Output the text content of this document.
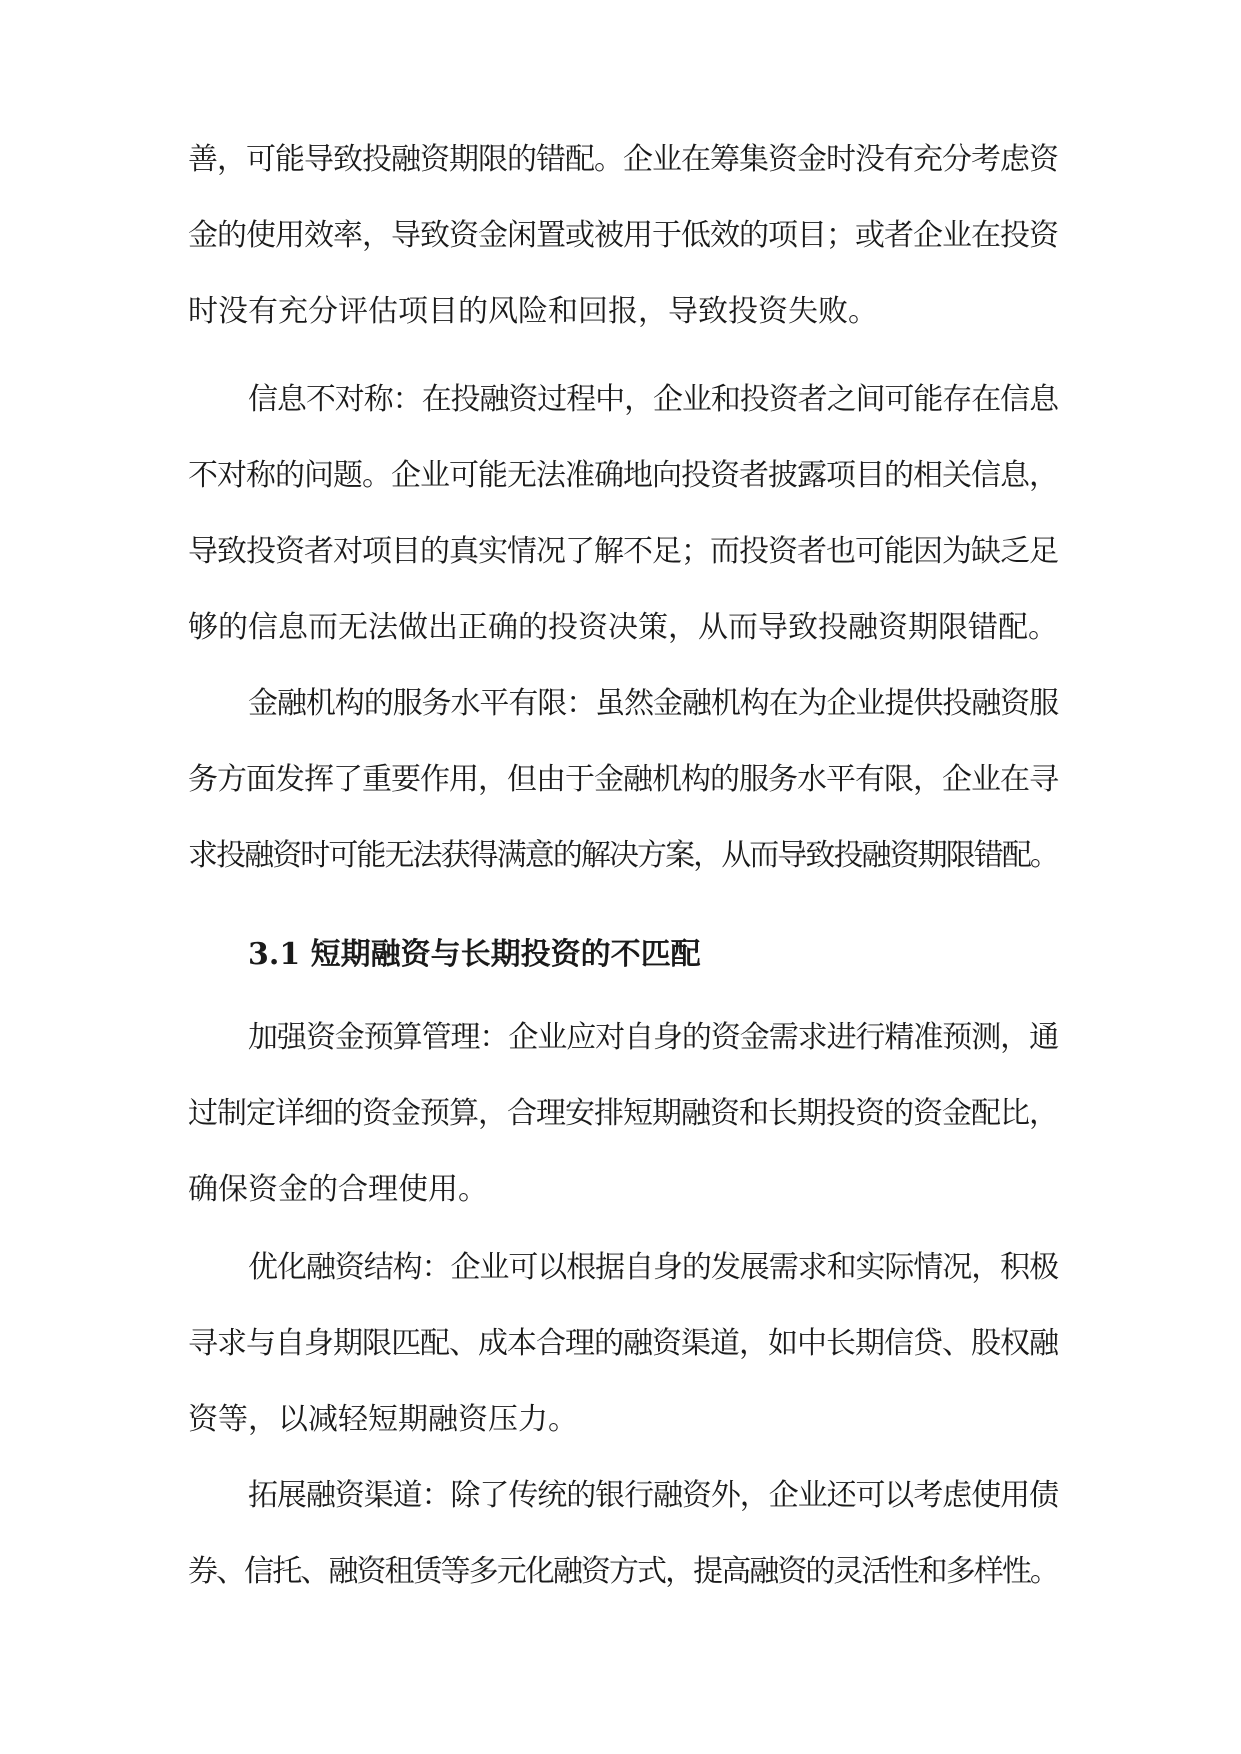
善，可能导致投融资期限的错配。企业在筹集资金时没有充分考虑资
金的使用效率，导致资金闲置或被用于低效的项目；或者企业在投资
时没有充分评估项目的风险和回报，导致投资失败。
信息不对称：在投融资过程中，企业和投资者之间可能存在信息
不对称的问题。企业可能无法准确地向投资者披露项目的相关信息，
导致投资者对项目的真实情况了解不足；而投资者也可能因为缺乏足
够的信息而无法做出正确的投资决策，从而导致投融资期限错配。
金融机构的服务水平有限：虽然金融机构在为企业提供投融资服
务方面发挥了重要作用，但由于金融机构的服务水平有限，企业在寻
求投融资时可能无法获得满意的解决方案，从而导致投融资期限错配。
3.1 短期融资与长期投资的不匹配
加强资金预算管理：企业应对自身的资金需求进行精准预测，通
过制定详细的资金预算，合理安排短期融资和长期投资的资金配比，
确保资金的合理使用。
优化融资结构：企业可以根据自身的发展需求和实际情况，积极
寻求与自身期限匹配、成本合理的融资渠道，如中长期信贷、股权融
资等，以减轻短期融资压力。
拓展融资渠道：除了传统的银行融资外，企业还可以考虑使用债
券、信托、融资租赁等多元化融资方式，提高融资的灵活性和多样性。
